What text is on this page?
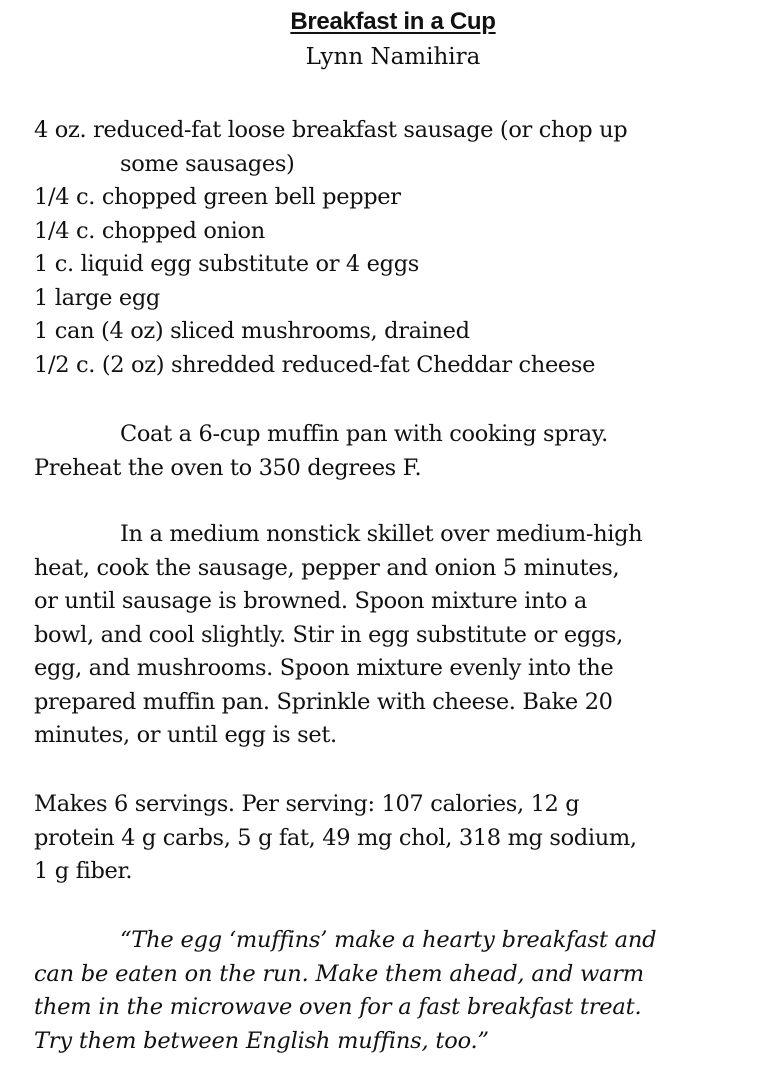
Breakfast in a Cup
Lynn Namihira
4 oz. reduced-fat loose breakfast sausage (or chop up
some sausages)
1/4 c. chopped green bell pepper
1/4 c. chopped onion
1 c. liquid egg substitute or 4 eggs
1 large egg
1 can (4 oz) sliced mushrooms, drained
1/2 c. (2 oz) shredded reduced-fat Cheddar cheese
Coat a 6-cup muffin pan with cooking spray.
Preheat the oven to 350 degrees F.
In a medium nonstick skillet over medium-high
heat, cook the sausage, pepper and onion 5 minutes,
or until sausage is browned. Spoon mixture into a
bowl, and cool slightly. Stir in egg substitute or eggs,
egg, and mushrooms. Spoon mixture evenly into the
prepared muffin pan. Sprinkle with cheese. Bake 20
minutes, or until egg is set.
Makes 6 servings. Per serving: 107 calories, 12 g
protein 4 g carbs, 5 g fat, 49 mg chol, 318 mg sodium,
1 g fiber.
“The egg ‘muffins’ make a hearty breakfast and
can be eaten on the run. Make them ahead, and warm
them in the microwave oven for a fast breakfast treat.
Try them between English muffins, too.”
